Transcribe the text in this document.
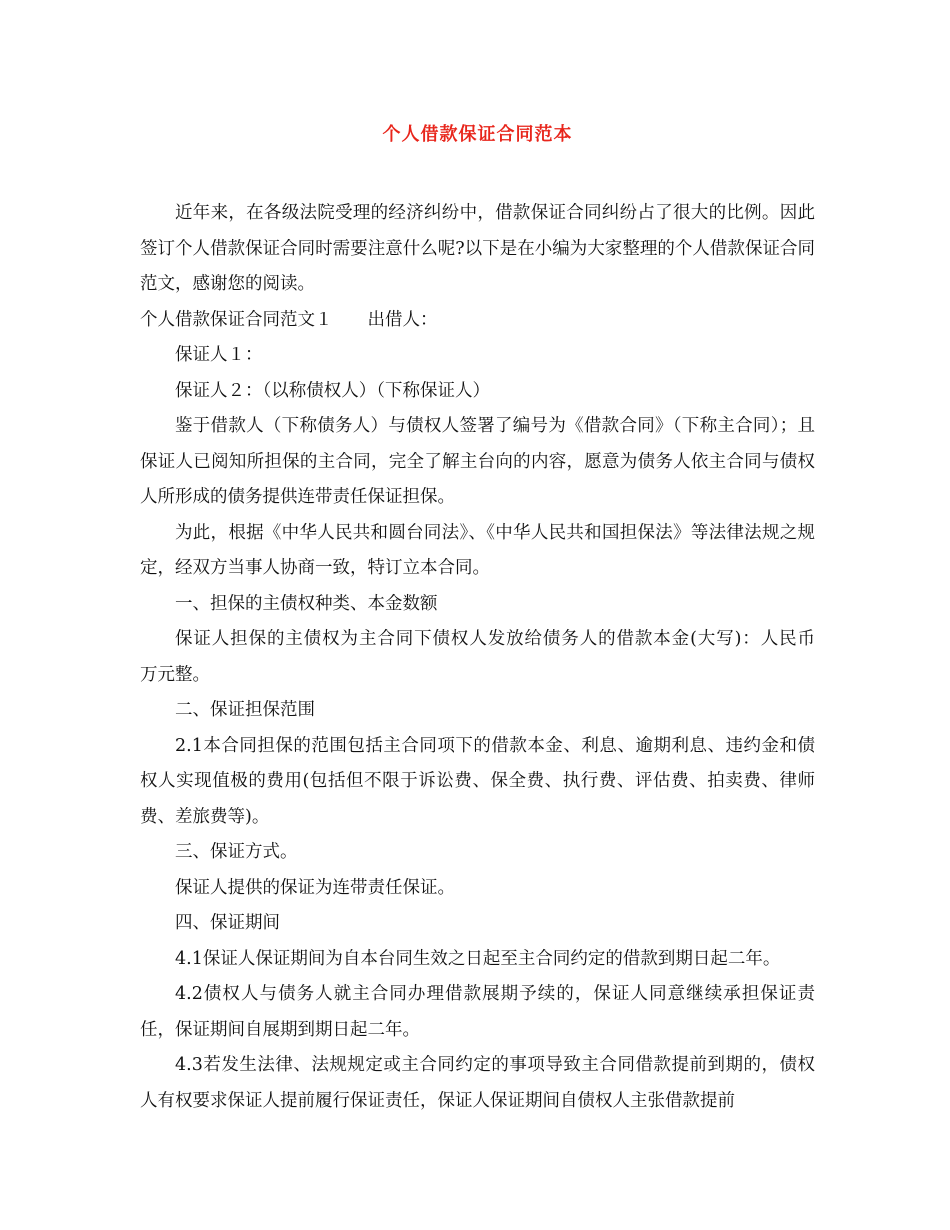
个人借款保证合同范本

近年来，在各级法院受理的经济纠纷中，借款保证合同纠纷占了很大的比例。因此签订个人借款保证合同时需要注意什么呢?以下是在小编为大家整理的个人借款保证合同范文，感谢您的阅读。

个人借款保证合同范文１　　出借人：

保证人１：

保证人２：（以称债权人）（下称保证人）

鉴于借款人（下称债务人）与债权人签署了编号为《借款合同》（下称主合同）；且保证人已阅知所担保的主合同，完全了解主台向的内容，愿意为债务人依主合同与债权人所形成的债务提供连带责任保证担保。

为此，根据《中华人民共和圆台同法》、《中华人民共和国担保法》等法律法规之规定，经双方当事人协商一致，特订立本合同。

一、担保的主债权种类、本金数额

保证人担保的主债权为主合同下债权人发放给债务人的借款本金(大写)：人民币　万元整。

二、保证担保范围

2.1本合同担保的范围包括主合同项下的借款本金、利息、逾期利息、违约金和债权人实现值极的费用(包括但不限于诉讼费、保全费、执行费、评估费、拍卖费、律师费、差旅费等)。

三、保证方式。

保证人提供的保证为连带责任保证。

四、保证期间

4.1保证人保证期间为自本台同生效之日起至主合同约定的借款到期日起二年。

4.2债权人与债务人就主合同办理借款展期予续的，保证人同意继续承担保证责任，保证期间自展期到期日起二年。

4.3若发生法律、法规规定或主合同约定的事项导致主合同借款提前到期的，债权人有权要求保证人提前履行保证责任，保证人保证期间自债权人主张借款提前
